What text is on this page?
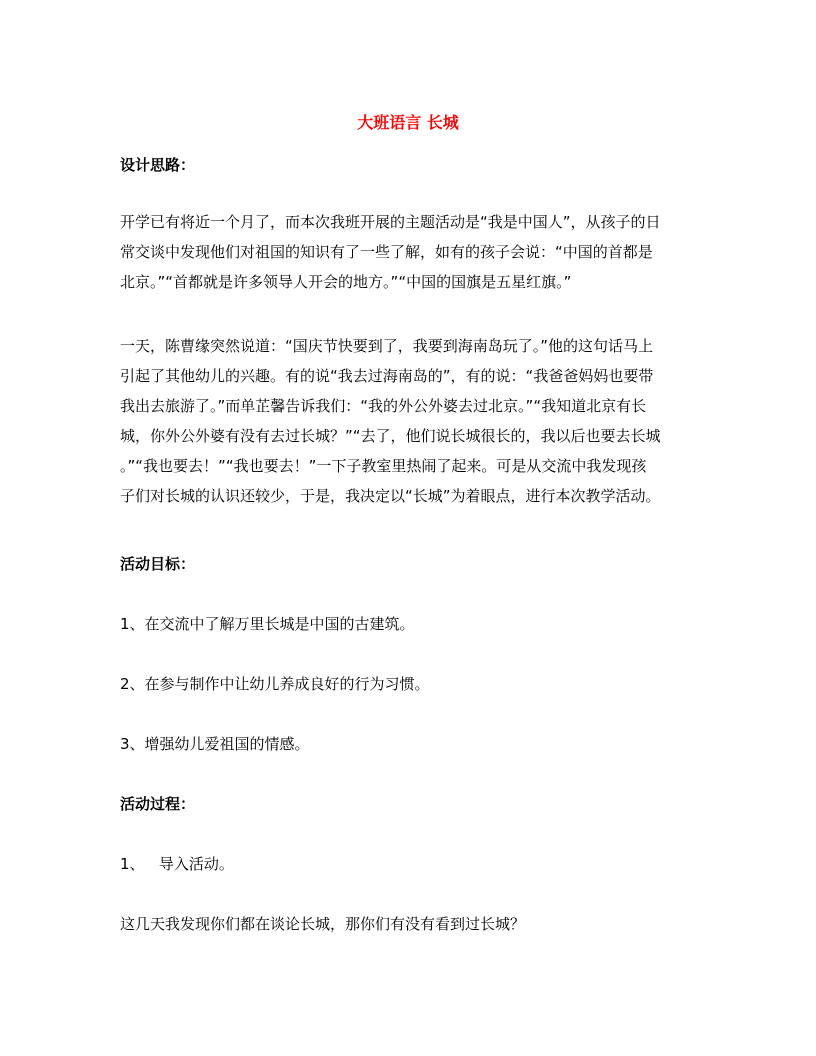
大班语言 长城
设计思路：
开学已有将近一个月了，而本次我班开展的主题活动是“我是中国人”，从孩子的日
常交谈中发现他们对祖国的知识有了一些了解，如有的孩子会说：“中国的首都是
北京。”“首都就是许多领导人开会的地方。”“中国的国旗是五星红旗。”
一天，陈曹缘突然说道：“国庆节快要到了，我要到海南岛玩了。”他的这句话马上
引起了其他幼儿的兴趣。有的说“我去过海南岛的”，有的说：“我爸爸妈妈也要带
我出去旅游了。”而单芷馨告诉我们：“我的外公外婆去过北京。”“我知道北京有长
城，你外公外婆有没有去过长城？”“去了，他们说长城很长的，我以后也要去长城
。”“我也要去！”“我也要去！”一下子教室里热闹了起来。可是从交流中我发现孩
子们对长城的认识还较少，于是，我决定以“长城”为着眼点，进行本次教学活动。
活动目标：
1、在交流中了解万里长城是中国的古建筑。
2、在参与制作中让幼儿养成良好的行为习惯。
3、增强幼儿爱祖国的情感。
活动过程：
1、   导入活动。
这几天我发现你们都在谈论长城，那你们有没有看到过长城？
